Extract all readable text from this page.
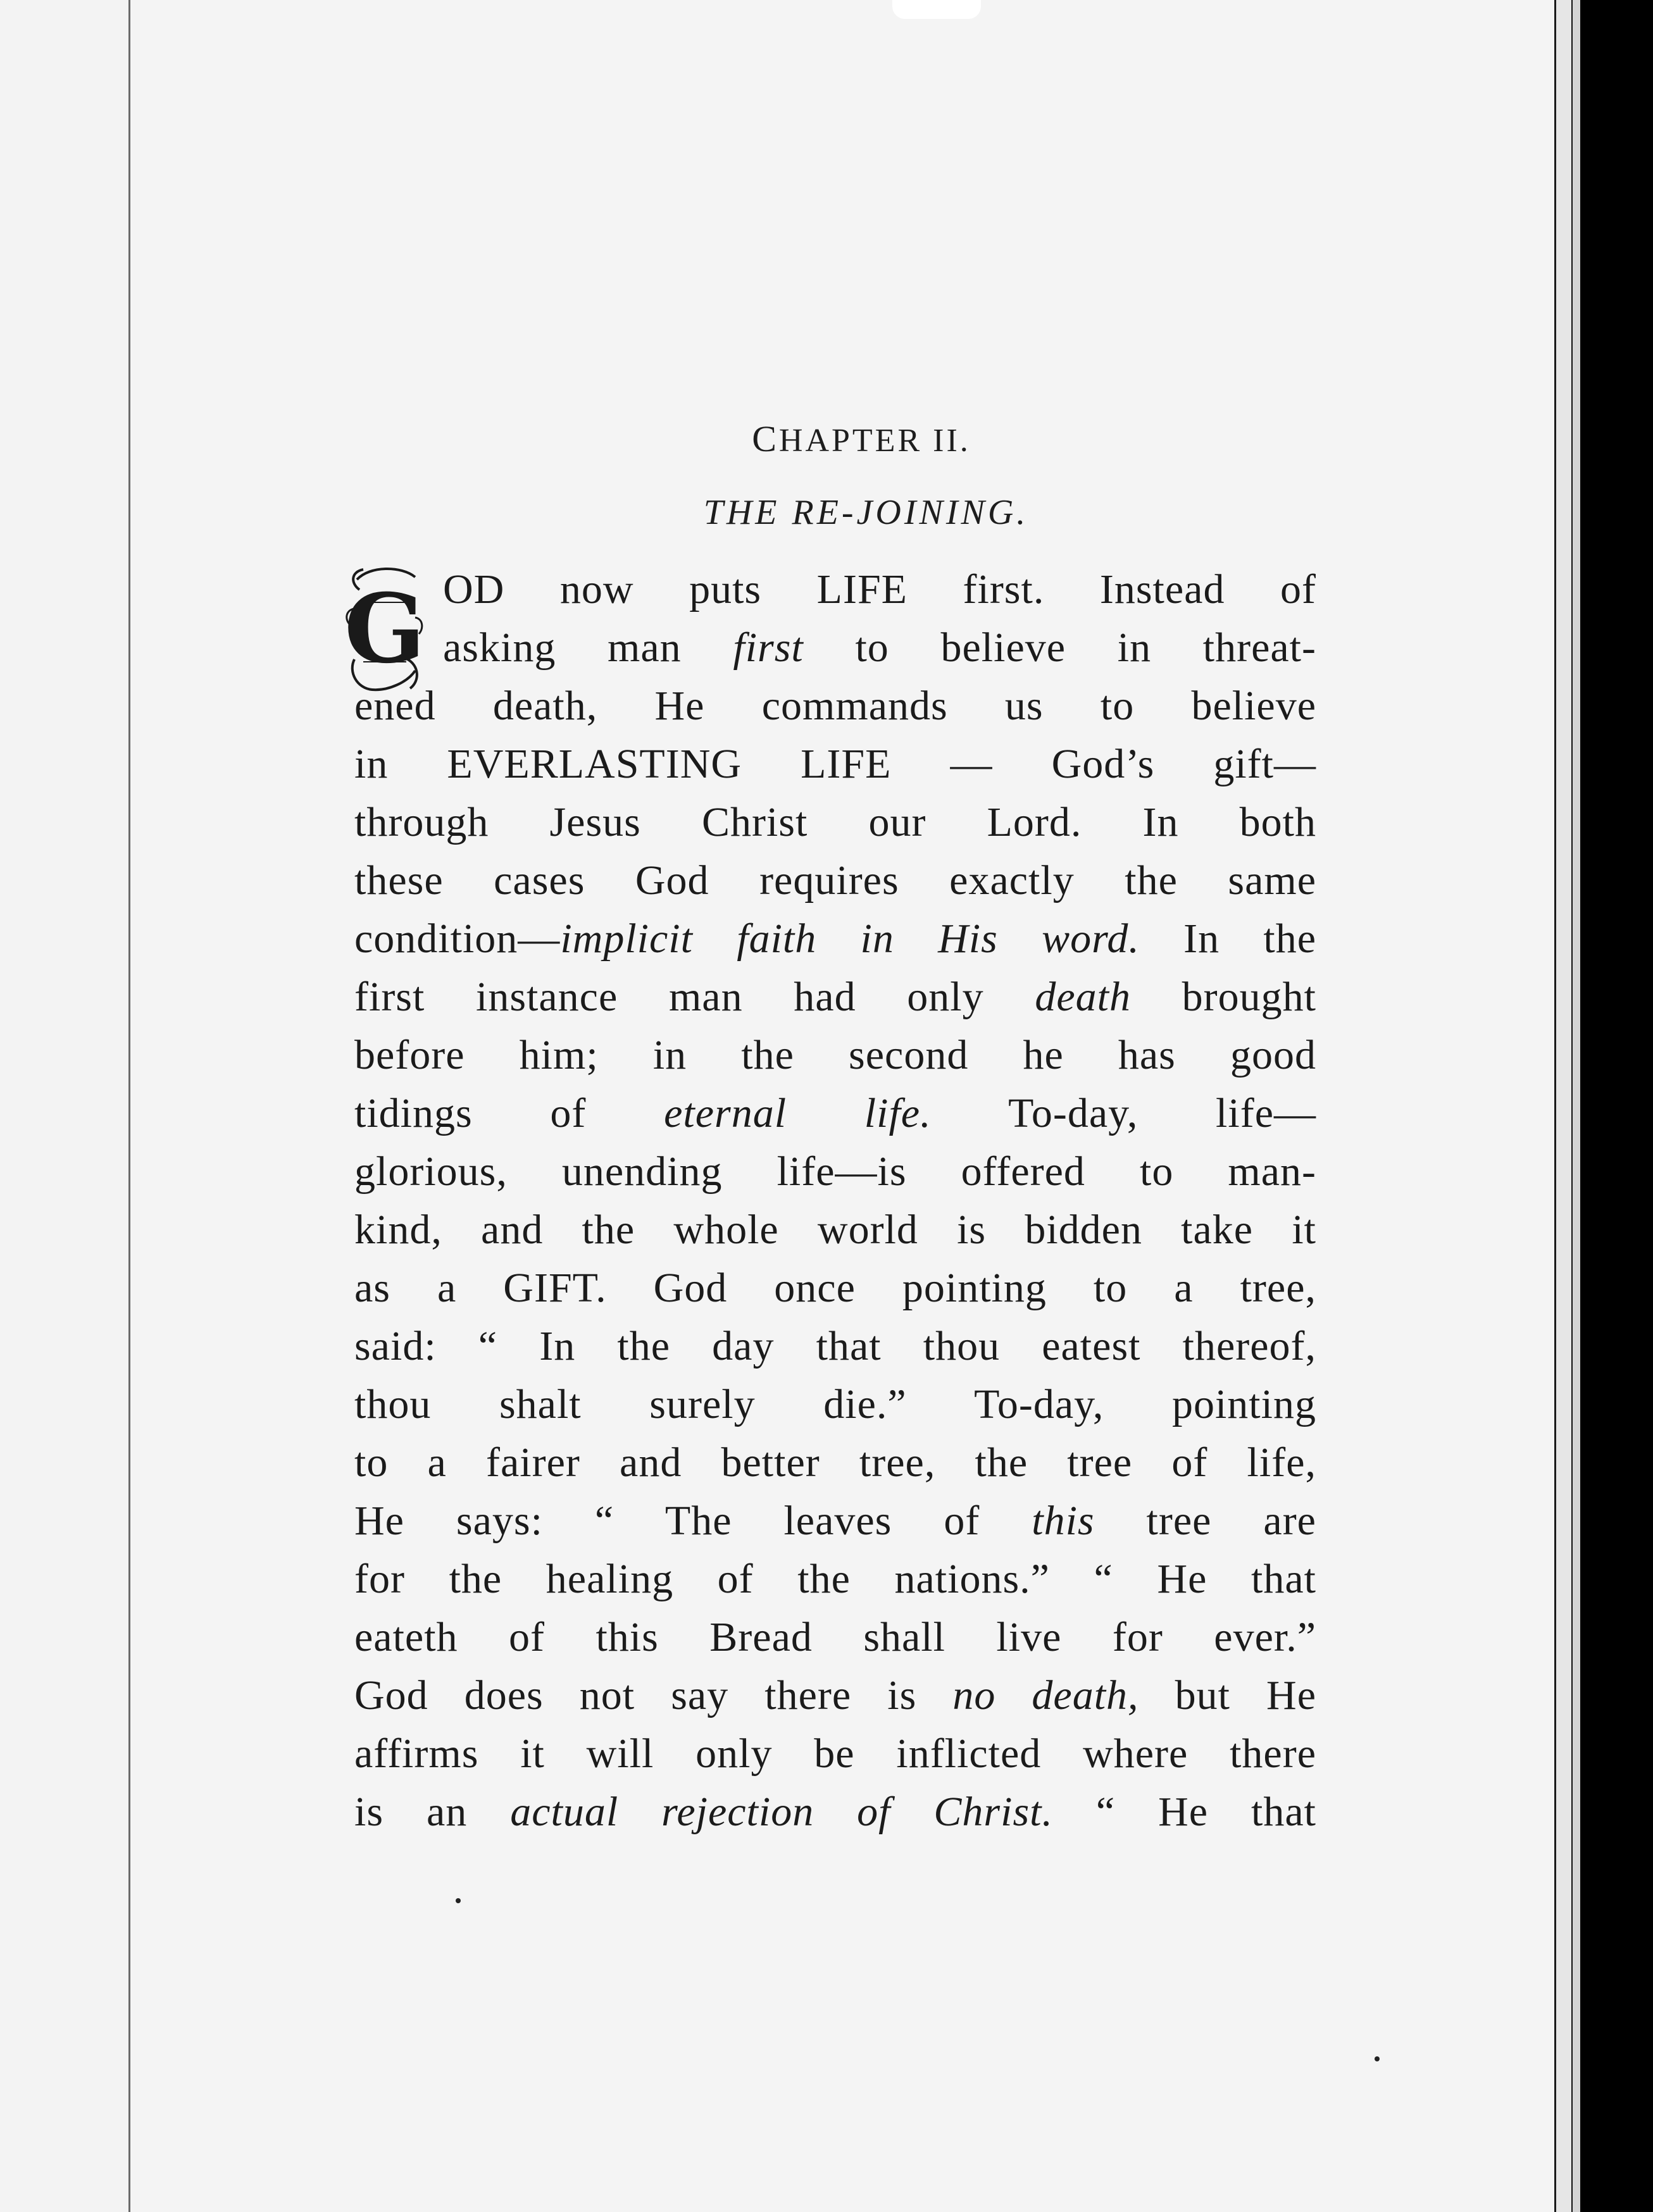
CHAPTER II.
THE RE-JOINING.
G OD now puts LIFE first. Instead of
asking man first to believe in threat-
ened death, He commands us to believe
in EVERLASTING LIFE — God’s gift—
through Jesus Christ our Lord. In both
these cases God requires exactly the same
condition—implicit faith in His word. In the
first instance man had only death brought
before him; in the second he has good
tidings of eternal life. To-day, life—
glorious, unending life—is offered to man-
kind, and the whole world is bidden take it
as a GIFT. God once pointing to a tree,
said: “ In the day that thou eatest thereof,
thou shalt surely die.” To-day, pointing
to a fairer and better tree, the tree of life,
He says: “ The leaves of this tree are
for the healing of the nations.” “ He that
eateth of this Bread shall live for ever.”
God does not say there is no death, but He
affirms it will only be inflicted where there
is an actual rejection of Christ. “ He that
